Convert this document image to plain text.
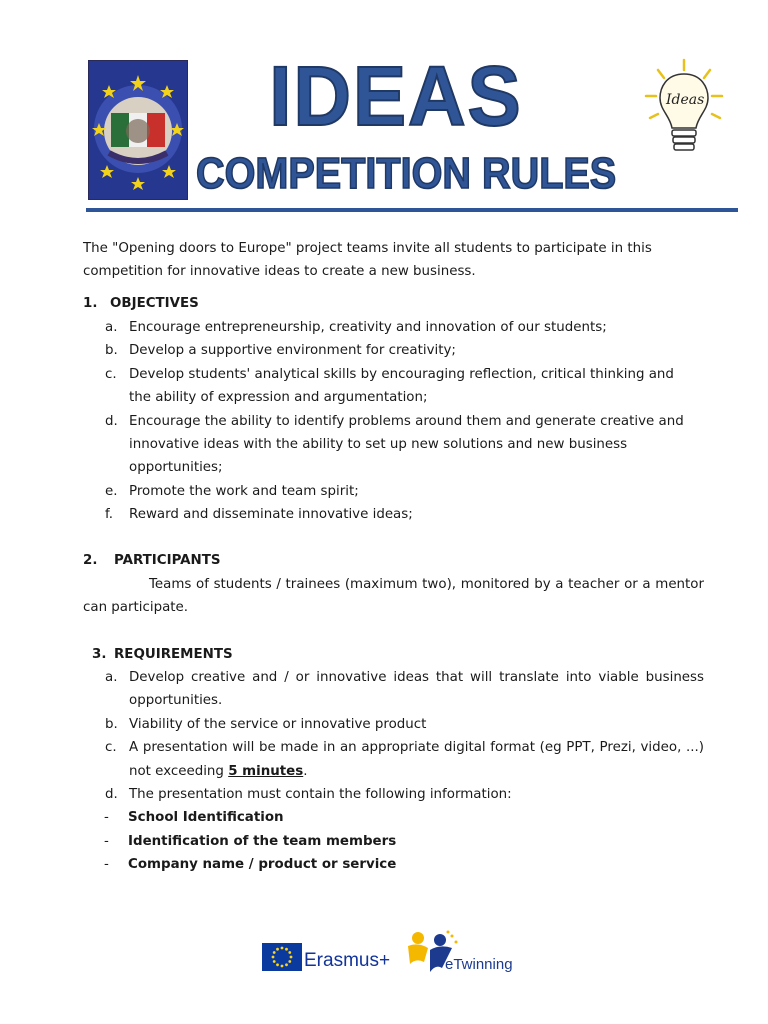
IDEAS
COMPETITION RULES
Ideas
The "Opening doors to Europe" project teams invite all students to participate in this competition for innovative ideas to create a new business.
1. OBJECTIVES
a. Encourage entrepreneurship, creativity and innovation of our students;
b. Develop a supportive environment for creativity;
c. Develop students' analytical skills by encouraging reflection, critical thinking and the ability of expression and argumentation;
d. Encourage the ability to identify problems around them and generate creative and innovative ideas with the ability to set up new solutions and new business opportunities;
e. Promote the work and team spirit;
f. Reward and disseminate innovative ideas;
2. PARTICIPANTS
Teams of students / trainees (maximum two), monitored by a teacher or a mentor can participate.
3. REQUIREMENTS
a. Develop creative and / or innovative ideas that will translate into viable business opportunities.
b. Viability of the service or innovative product
c. A presentation will be made in an appropriate digital format (eg PPT, Prezi, video, ...) not exceeding 5 minutes.
d. The presentation must contain the following information:
- School Identification
- Identification of the team members
- Company name / product or service
Erasmus+	eTwinning
